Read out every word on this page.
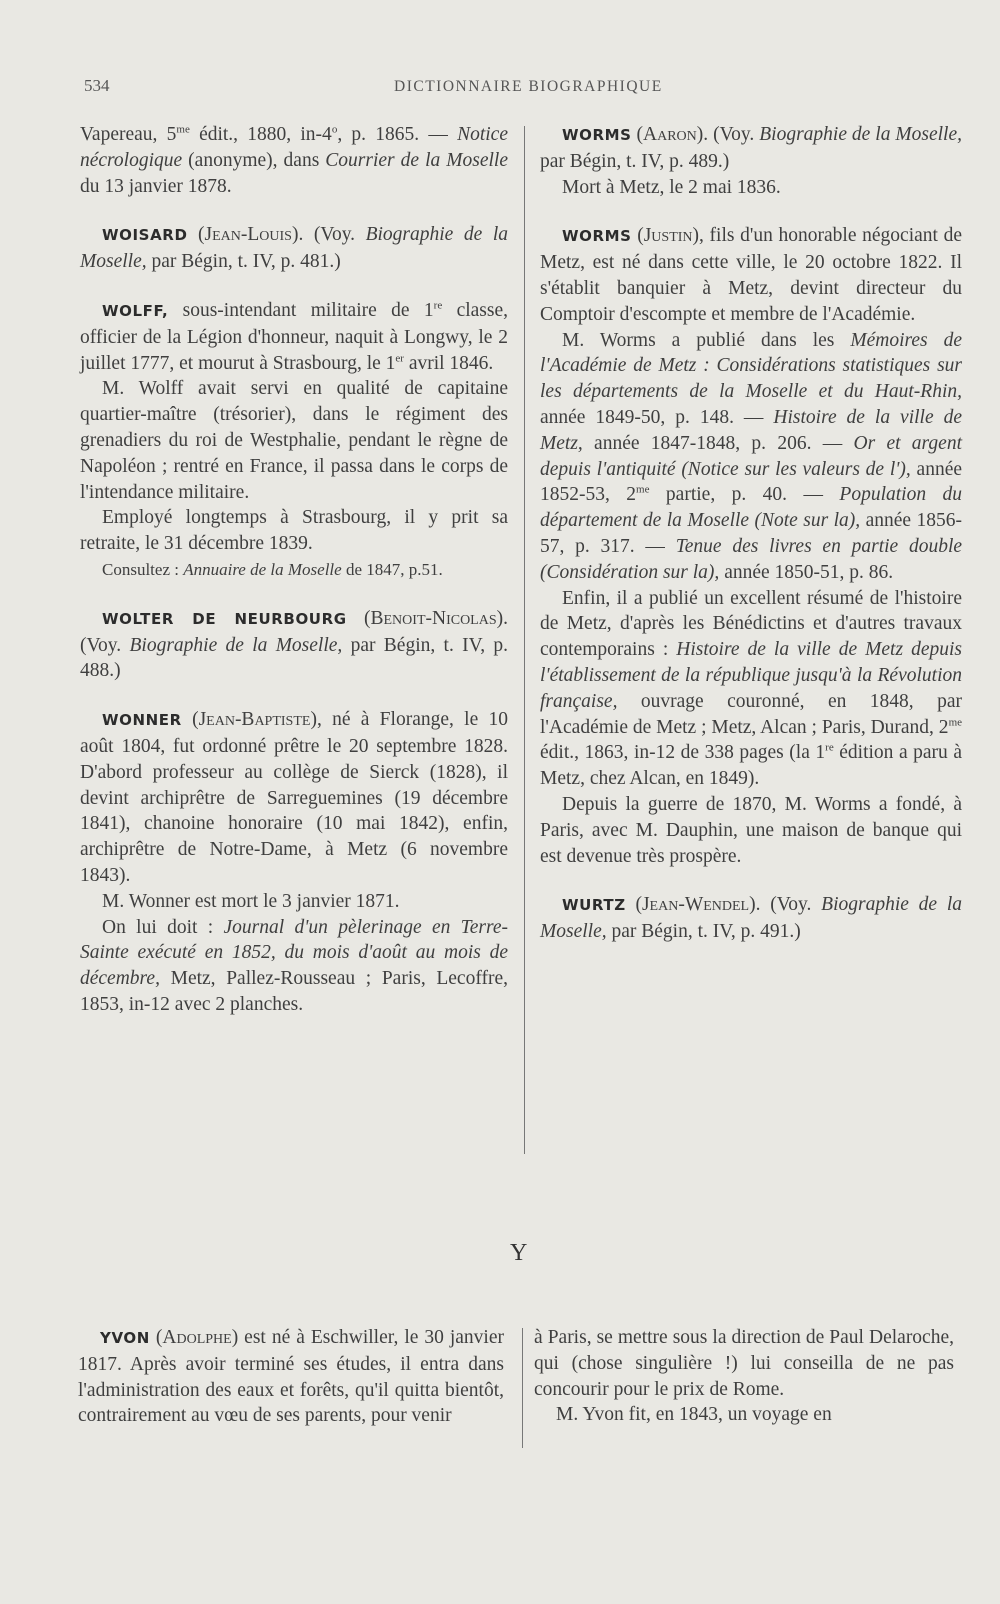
534	DICTIONNAIRE BIOGRAPHIQUE

Vapereau, $5^{me}$ édit., 1880, in-4$^o$, p. 1865. — Notice nécrologique (anonyme), dans Courrier de la Moselle du 13 janvier 1878.

WOISARD (Jean-Louis). (Voy. Biographie de la Moselle, par Bégin, t. IV, p. 481.)

WOLFF, sous-intendant militaire de 1re classe, officier de la Légion d'honneur, naquit à Longwy, le 2 juillet 1777, et mourut à Strasbourg, le 1er avril 1846.

M. Wolff avait servi en qualité de capitaine quartier-maître (trésorier), dans le régiment des grenadiers du roi de Westphalie, pendant le règne de Napoléon ; rentré en France, il passa dans le corps de l'intendance militaire.

Employé longtemps à Strasbourg, il y prit sa retraite, le 31 décembre 1839.

Consultez : Annuaire de la Moselle de 1847, p.51.

WOLTER DE NEURBOURG (Benoit-Nicolas). (Voy. Biographie de la Moselle, par Bégin, t. IV, p. 488.)

WONNER (Jean-Baptiste), né à Florange, le 10 août 1804, fut ordonné prêtre le 20 septembre 1828. D'abord professeur au collège de Sierck (1828), il devint archiprêtre de Sarreguemines (19 décembre 1841), chanoine honoraire (10 mai 1842), enfin, archiprêtre de Notre-Dame, à Metz (6 novembre 1843).

M. Wonner est mort le 3 janvier 1871.

On lui doit : Journal d'un pèlerinage en Terre-Sainte exécuté en 1852, du mois d'août au mois de décembre, Metz, Pallez-Rousseau ; Paris, Lecoffre, 1853, in-12 avec 2 planches.

WORMS (Aaron). (Voy. Biographie de la Moselle, par Bégin, t. IV, p. 489.)

Mort à Metz, le 2 mai 1836.

WORMS (Justin), fils d'un honorable négociant de Metz, est né dans cette ville, le 20 octobre 1822. Il s'établit banquier à Metz, devint directeur du Comptoir d'escompte et membre de l'Académie.

M. Worms a publié dans les Mémoires de l'Académie de Metz : Considérations statistiques sur les départements de la Moselle et du Haut-Rhin, année 1849-50, p. 148. — Histoire de la ville de Metz, année 1847-1848, p. 206. — Or et argent depuis l'antiquité (Notice sur les valeurs de l'), année 1852-53, $2^{me}$ partie, p. 40. — Population du département de la Moselle (Note sur la), année 1856-57, p. 317. — Tenue des livres en partie double (Considération sur la), année 1850-51, p. 86.

Enfin, il a publié un excellent résumé de l'histoire de Metz, d'après les Bénédictins et d'autres travaux contemporains : Histoire de la ville de Metz depuis l'établissement de la république jusqu'à la Révolution française, ouvrage couronné, en 1848, par l'Académie de Metz ; Metz, Alcan ; Paris, Durand, $2^{me}$ édit., 1863, in-12 de 338 pages (la 1re édition a paru à Metz, chez Alcan, en 1849).

Depuis la guerre de 1870, M. Worms a fondé, à Paris, avec M. Dauphin, une maison de banque qui est devenue très prospère.

WURTZ (Jean-Wendel). (Voy. Biographie de la Moselle, par Bégin, t. IV, p. 491.)

Y

YVON (Adolphe) est né à Eschwiller, le 30 janvier 1817. Après avoir terminé ses études, il entra dans l'administration des eaux et forêts, qu'il quitta bientôt, contrairement au vœu de ses parents, pour venir

à Paris, se mettre sous la direction de Paul Delaroche, qui (chose singulière !) lui conseilla de ne pas concourir pour le prix de Rome.

M. Yvon fit, en 1843, un voyage en
